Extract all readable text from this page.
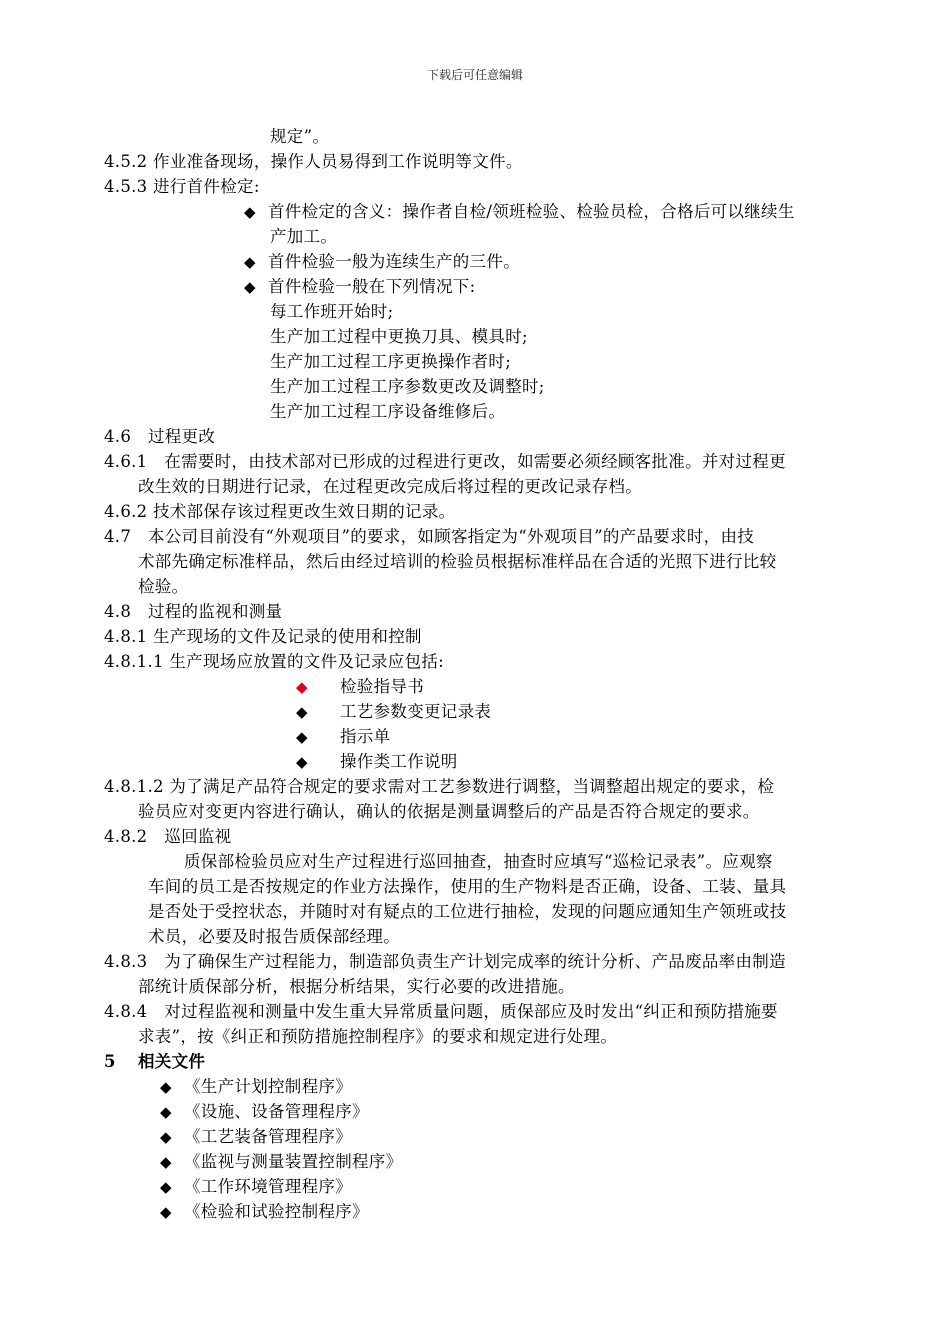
下载后可任意编辑
规定”。
4.5.2 作业准备现场，操作人员易得到工作说明等文件。
4.5.3 进行首件检定:
◆ 首件检定的含义：操作者自检/领班检验、检验员检，合格后可以继续生
产加工。
◆ 首件检验一般为连续生产的三件。
◆ 首件检验一般在下列情况下:
每工作班开始时;
生产加工过程中更换刀具、模具时;
生产加工过程工序更换操作者时;
生产加工过程工序参数更改及调整时;
生产加工过程工序设备维修后。
4.6　过程更改
4.6.1　在需要时，由技术部对已形成的过程进行更改，如需要必须经顾客批准。并对过程更
改生效的日期进行记录，在过程更改完成后将过程的更改记录存档。
4.6.2 技术部保存该过程更改生效日期的记录。
4.7　本公司目前没有“外观项目”的要求，如顾客指定为“外观项目”的产品要求时，由技
术部先确定标准样品，然后由经过培训的检验员根据标准样品在合适的光照下进行比较
检验。
4.8　过程的监视和测量
4.8.1 生产现场的文件及记录的使用和控制
4.8.1.1 生产现场应放置的文件及记录应包括:
◆ 检验指导书
◆ 工艺参数变更记录表
◆ 指示单
◆ 操作类工作说明
4.8.1.2 为了满足产品符合规定的要求需对工艺参数进行调整，当调整超出规定的要求，检
验员应对变更内容进行确认，确认的依据是测量调整后的产品是否符合规定的要求。
4.8.2　巡回监视
质保部检验员应对生产过程进行巡回抽查，抽查时应填写“巡检记录表”。应观察
车间的员工是否按规定的作业方法操作，使用的生产物料是否正确，设备、工装、量具
是否处于受控状态，并随时对有疑点的工位进行抽检，发现的问题应通知生产领班或技
术员，必要及时报告质保部经理。
4.8.3　为了确保生产过程能力，制造部负责生产计划完成率的统计分析、产品废品率由制造
部统计质保部分析，根据分析结果，实行必要的改进措施。
4.8.4　对过程监视和测量中发生重大异常质量问题，质保部应及时发出“纠正和预防措施要
求表”，按《纠正和预防措施控制程序》的要求和规定进行处理。
5 相关文件
◆ 《生产计划控制程序》
◆ 《设施、设备管理程序》
◆ 《工艺装备管理程序》
◆ 《监视与测量装置控制程序》
◆ 《工作环境管理程序》
◆ 《检验和试验控制程序》
